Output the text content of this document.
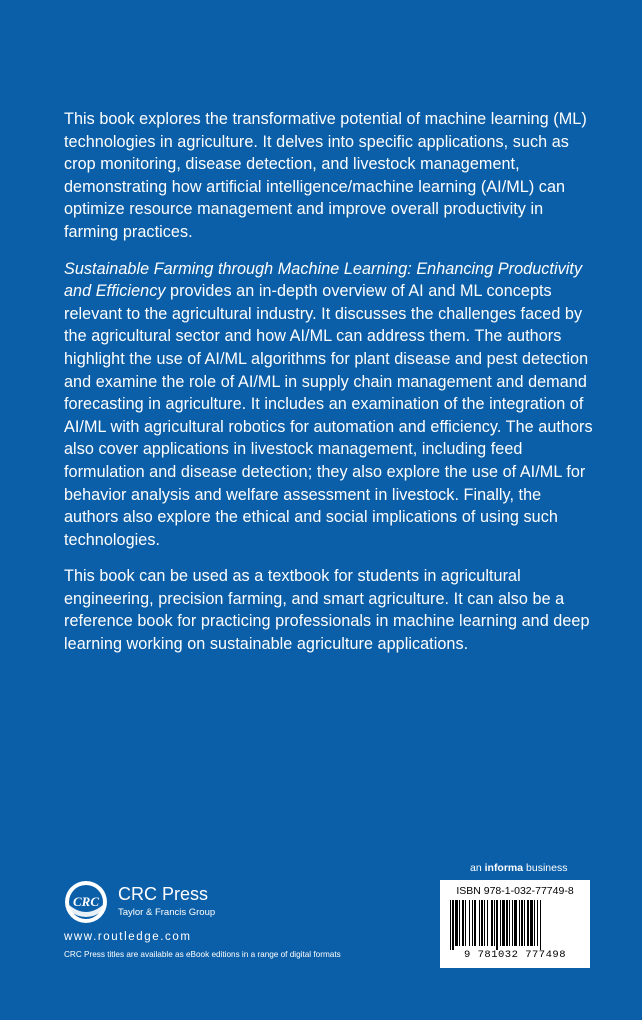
This book explores the transformative potential of machine learning (ML) technologies in agriculture. It delves into specific applications, such as crop monitoring, disease detection, and livestock management, demonstrating how artificial intelligence/machine learning (AI/ML) can optimize resource management and improve overall productivity in farming practices.

Sustainable Farming through Machine Learning: Enhancing Productivity and Efficiency provides an in-depth overview of AI and ML concepts relevant to the agricultural industry. It discusses the challenges faced by the agricultural sector and how AI/ML can address them. The authors highlight the use of AI/ML algorithms for plant disease and pest detection and examine the role of AI/ML in supply chain management and demand forecasting in agriculture. It includes an examination of the integration of AI/ML with agricultural robotics for automation and efficiency. The authors also cover applications in livestock management, including feed formulation and disease detection; they also explore the use of AI/ML for behavior analysis and welfare assessment in livestock. Finally, the authors also explore the ethical and social implications of using such technologies.

This book can be used as a textbook for students in agricultural engineering, precision farming, and smart agriculture. It can also be a reference book for practicing professionals in machine learning and deep learning working on sustainable agriculture applications.

an informa business
ISBN 978-1-032-77749-8
9 781032 777498
CRC CRC Press
Taylor & Francis Group
www.routledge.com
CRC Press titles are available as eBook editions in a range of digital formats
